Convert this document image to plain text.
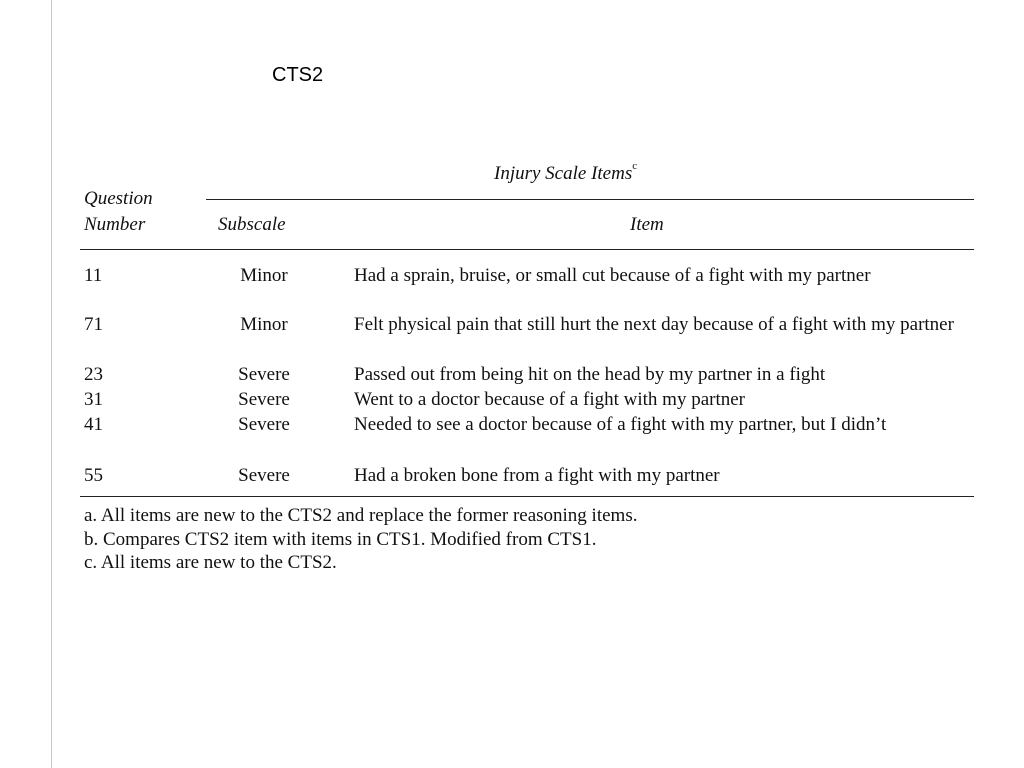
CTS2
Injury Scale Items$^c$
Question
Number	Subscale	Item
11	Minor	Had a sprain, bruise, or small cut because of a fight with my partner
71	Minor	Felt physical pain that still hurt the next day because of a fight with my partner
23	Severe	Passed out from being hit on the head by my partner in a fight
31	Severe	Went to a doctor because of a fight with my partner
41	Severe	Needed to see a doctor because of a fight with my partner, but I didn’t
55	Severe	Had a broken bone from a fight with my partner
a. All items are new to the CTS2 and replace the former reasoning items.
b. Compares CTS2 item with items in CTS1. Modified from CTS1.
c. All items are new to the CTS2.
